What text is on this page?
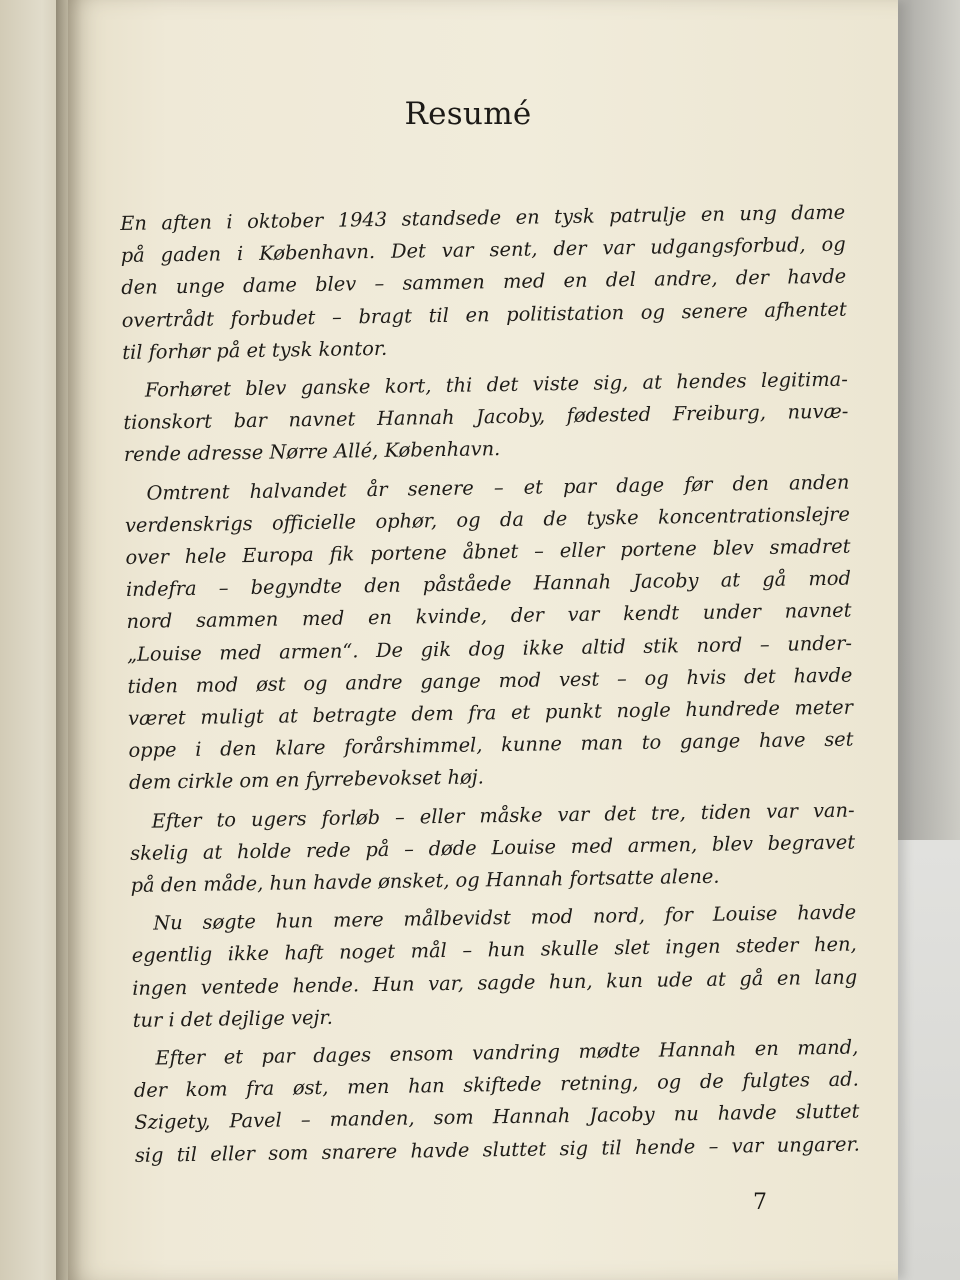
Resumé
En aften i oktober 1943 standsede en tysk patrulje en ung dame
på gaden i København. Det var sent, der var udgangsforbud, og
den unge dame blev – sammen med en del andre, der havde
overtrådt forbudet – bragt til en politistation og senere afhentet
til forhør på et tysk kontor.
Forhøret blev ganske kort, thi det viste sig, at hendes legitima-
tionskort bar navnet Hannah Jacoby, fødested Freiburg, nuvæ-
rende adresse Nørre Allé, København.
Omtrent halvandet år senere – et par dage før den anden
verdenskrigs officielle ophør, og da de tyske koncentrationslejre
over hele Europa fik portene åbnet – eller portene blev smadret
indefra – begyndte den påståede Hannah Jacoby at gå mod
nord sammen med en kvinde, der var kendt under navnet
„Louise med armen“. De gik dog ikke altid stik nord – under-
tiden mod øst og andre gange mod vest – og hvis det havde
været muligt at betragte dem fra et punkt nogle hundrede meter
oppe i den klare forårshimmel, kunne man to gange have set
dem cirkle om en fyrrebevokset høj.
Efter to ugers forløb – eller måske var det tre, tiden var van-
skelig at holde rede på – døde Louise med armen, blev begravet
på den måde, hun havde ønsket, og Hannah fortsatte alene.
Nu søgte hun mere målbevidst mod nord, for Louise havde
egentlig ikke haft noget mål – hun skulle slet ingen steder hen,
ingen ventede hende. Hun var, sagde hun, kun ude at gå en lang
tur i det dejlige vejr.
Efter et par dages ensom vandring mødte Hannah en mand,
der kom fra øst, men han skiftede retning, og de fulgtes ad.
Szigety, Pavel – manden, som Hannah Jacoby nu havde sluttet
sig til eller som snarere havde sluttet sig til hende – var ungarer.
7
